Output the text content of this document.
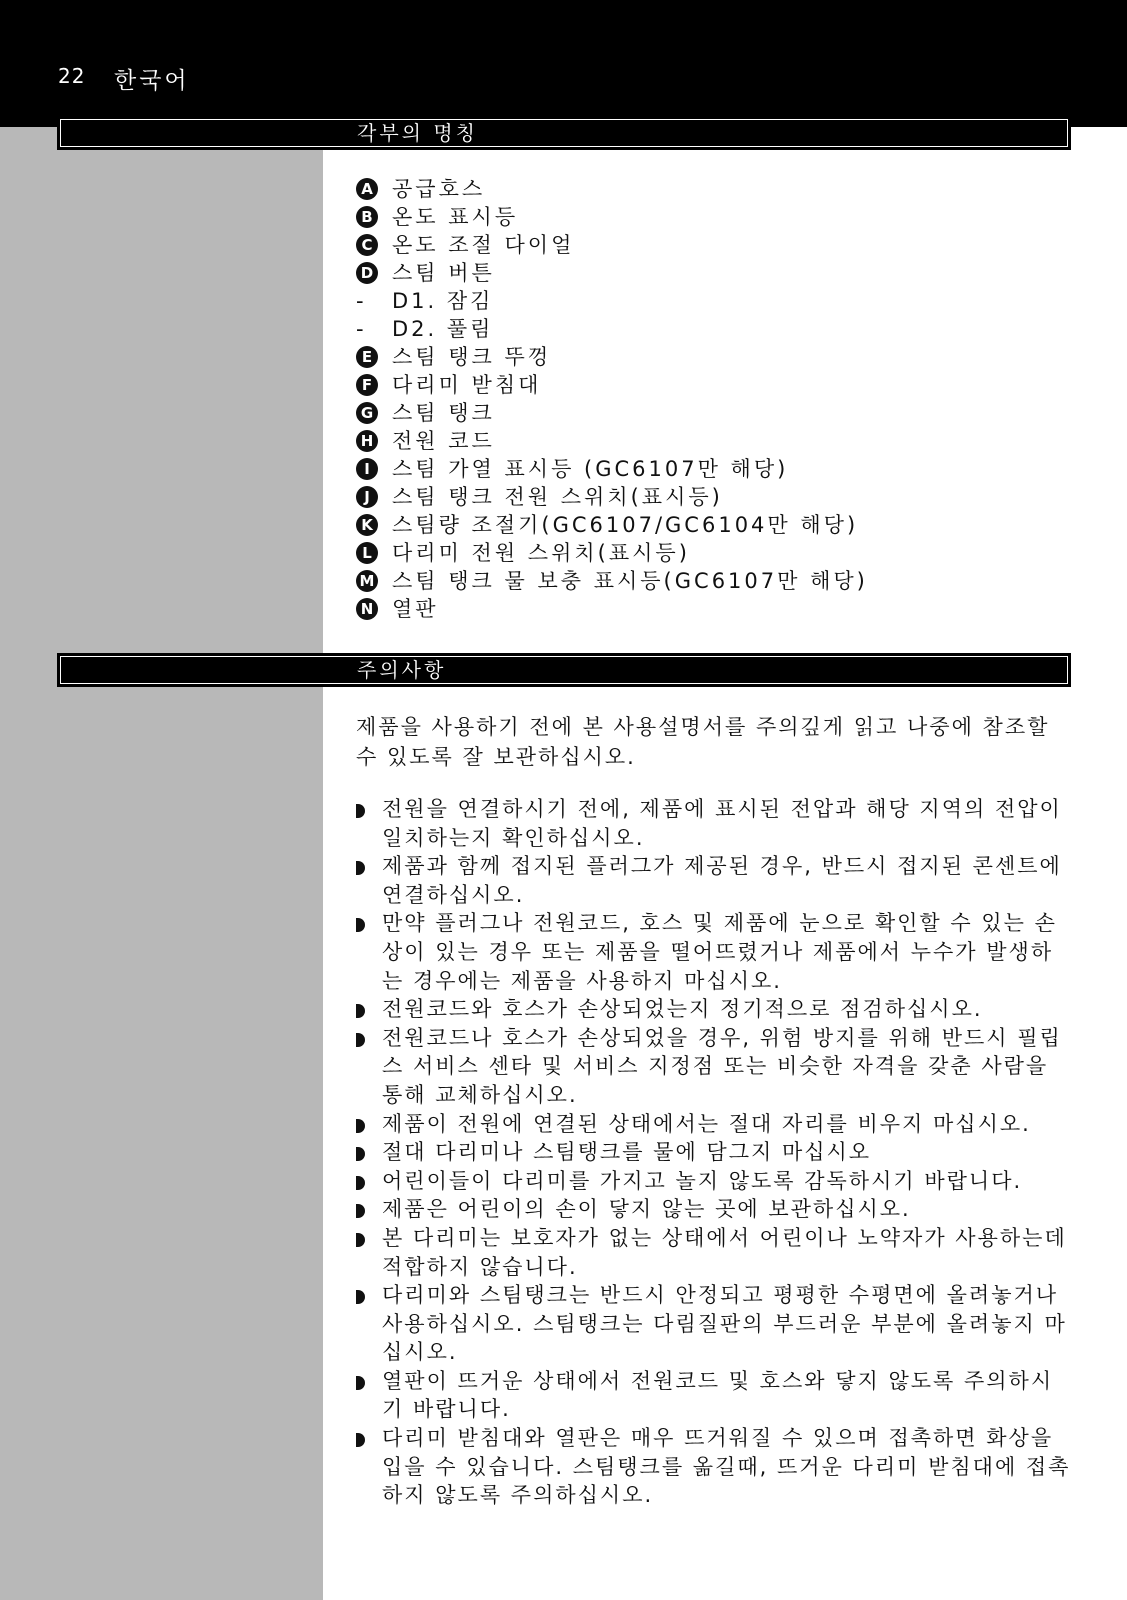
22 한국어
각부의 명칭
A 공급호스
B 온도 표시등
C 온도 조절 다이얼
D 스팀 버튼
-	D1. 잠김
-	D2. 풀림
E 스팀 탱크 뚜껑
F 다리미 받침대
G 스팀 탱크
H 전원 코드
I	스팀 가열 표시등 (GC6107만 해당)
J	스팀 탱크 전원 스위치(표시등)
K 스팀량 조절기(GC6107/GC6104만 해당)
L 다리미 전원 스위치(표시등)
M 스팀 탱크 물 보충 표시등(GC6107만 해당)
N 열판
주의사항

제품을 사용하기 전에 본 사용설명서를 주의깊게 읽고 나중에 참조할 수 있도록 잘 보관하십시오.

전원을 연결하시기 전에, 제품에 표시된 전압과 해당 지역의 전압이 일치하는지 확인하십시오.
제품과 함께 접지된 플러그가 제공된 경우, 반드시 접지된 콘센트에 연결하십시오.
만약 플러그나 전원코드, 호스 및 제품에 눈으로 확인할 수 있는 손상이 있는 경우 또는 제품을 떨어뜨렸거나 제품에서 누수가 발생하는 경우에는 제품을 사용하지 마십시오.
전원코드와 호스가 손상되었는지 정기적으로 점검하십시오.
전원코드나 호스가 손상되었을 경우, 위험 방지를 위해 반드시 필립스 서비스 센타 및 서비스 지정점 또는 비슷한 자격을 갖춘 사람을 통해 교체하십시오.
제품이 전원에 연결된 상태에서는 절대 자리를 비우지 마십시오.
절대 다리미나 스팀탱크를 물에 담그지 마십시오
어린이들이 다리미를 가지고 놀지 않도록 감독하시기 바랍니다.
제품은 어린이의 손이 닿지 않는 곳에 보관하십시오.
본 다리미는 보호자가 없는 상태에서 어린이나 노약자가 사용하는데 적합하지 않습니다.
다리미와 스팀탱크는 반드시 안정되고 평평한 수평면에 올려놓거나 사용하십시오. 스팀탱크는 다림질판의 부드러운 부분에 올려놓지 마십시오.
열판이 뜨거운 상태에서 전원코드 및 호스와 닿지 않도록 주의하시기 바랍니다.
다리미 받침대와 열판은 매우 뜨거워질 수 있으며 접촉하면 화상을 입을 수 있습니다. 스팀탱크를 옮길때, 뜨거운 다리미 받침대에 접촉하지 않도록 주의하십시오.
